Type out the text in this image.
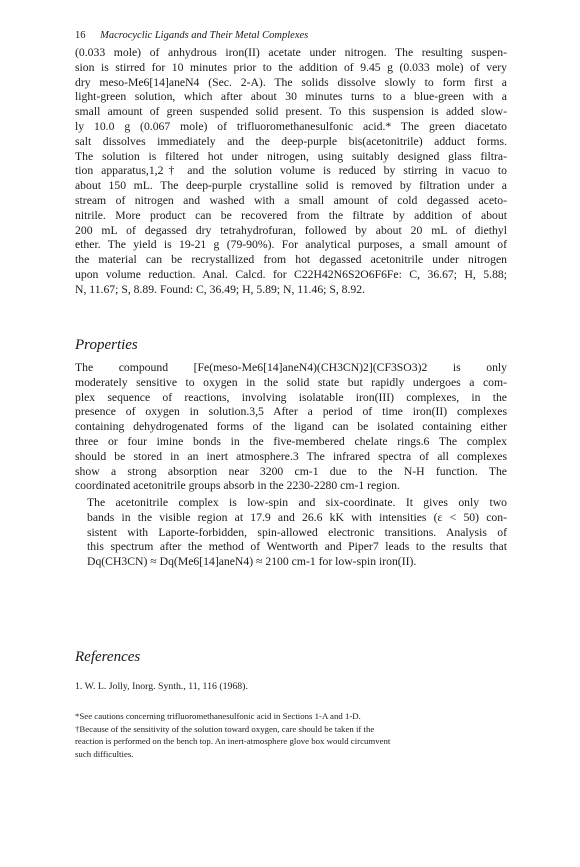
16 Macrocyclic Ligands and Their Metal Complexes

(0.033 mole) of anhydrous iron(II) acetate under nitrogen. The resulting suspen-
sion is stirred for 10 minutes prior to the addition of 9.45 g (0.033 mole) of very
dry meso-Me6[14]aneN4 (Sec. 2-A). The solids dissolve slowly to form first a
light-green solution, which after about 30 minutes turns to a blue-green with a
small amount of green suspended solid present. To this suspension is added slow-
ly 10.0 g (0.067 mole) of trifluoromethanesulfonic acid.* The green diacetato
salt dissolves immediately and the deep-purple bis(acetonitrile) adduct forms.
The solution is filtered hot under nitrogen, using suitably designed glass filtra-
tion apparatus,1,2† and the solution volume is reduced by stirring in vacuo to
about 150 mL. The deep-purple crystalline solid is removed by filtration under a
stream of nitrogen and washed with a small amount of cold degassed aceto-
nitrile. More product can be recovered from the filtrate by addition of about
200 mL of degassed dry tetrahydrofuran, followed by about 20 mL of diethyl
ether. The yield is 19-21 g (79-90%). For analytical purposes, a small amount of
the material can be recrystallized from hot degassed acetonitrile under nitrogen
upon volume reduction. Anal. Calcd. for C22H42N6S2O6F6Fe: C, 36.67; H, 5.88;
N, 11.67; S, 8.89. Found: C, 36.49; H, 5.89; N, 11.46; S, 8.92.

Properties

The compound [Fe(meso-Me6[14]aneN4)(CH3CN)2](CF3SO3)2 is only
moderately sensitive to oxygen in the solid state but rapidly undergoes a com-
plex sequence of reactions, involving isolatable iron(III) complexes, in the
presence of oxygen in solution.3,5 After a period of time iron(II) complexes
containing dehydrogenated forms of the ligand can be isolated containing either
three or four imine bonds in the five-membered chelate rings.6 The complex
should be stored in an inert atmosphere.3 The infrared spectra of all complexes
show a strong absorption near 3200 cm-1 due to the N-H function. The
coordinated acetonitrile groups absorb in the 2230-2280 cm-1 region.

The acetonitrile complex is low-spin and six-coordinate. It gives only two
bands in the visible region at 17.9 and 26.6 kK with intensities (ε < 50) con-
sistent with Laporte-forbidden, spin-allowed electronic transitions. Analysis of
this spectrum after the method of Wentworth and Piper7 leads to the results that
Dq(CH3CN) ≈ Dq(Me6[14]aneN4) ≈ 2100 cm-1 for low-spin iron(II).

References
1. W. L. Jolly, Inorg. Synth., 11, 116 (1968).
*See cautions concerning trifluoromethanesulfonic acid in Sections 1-A and 1-D.
†Because of the sensitivity of the solution toward oxygen, care should be taken if the
reaction is performed on the bench top. An inert-atmosphere glove box would circumvent
such difficulties.
